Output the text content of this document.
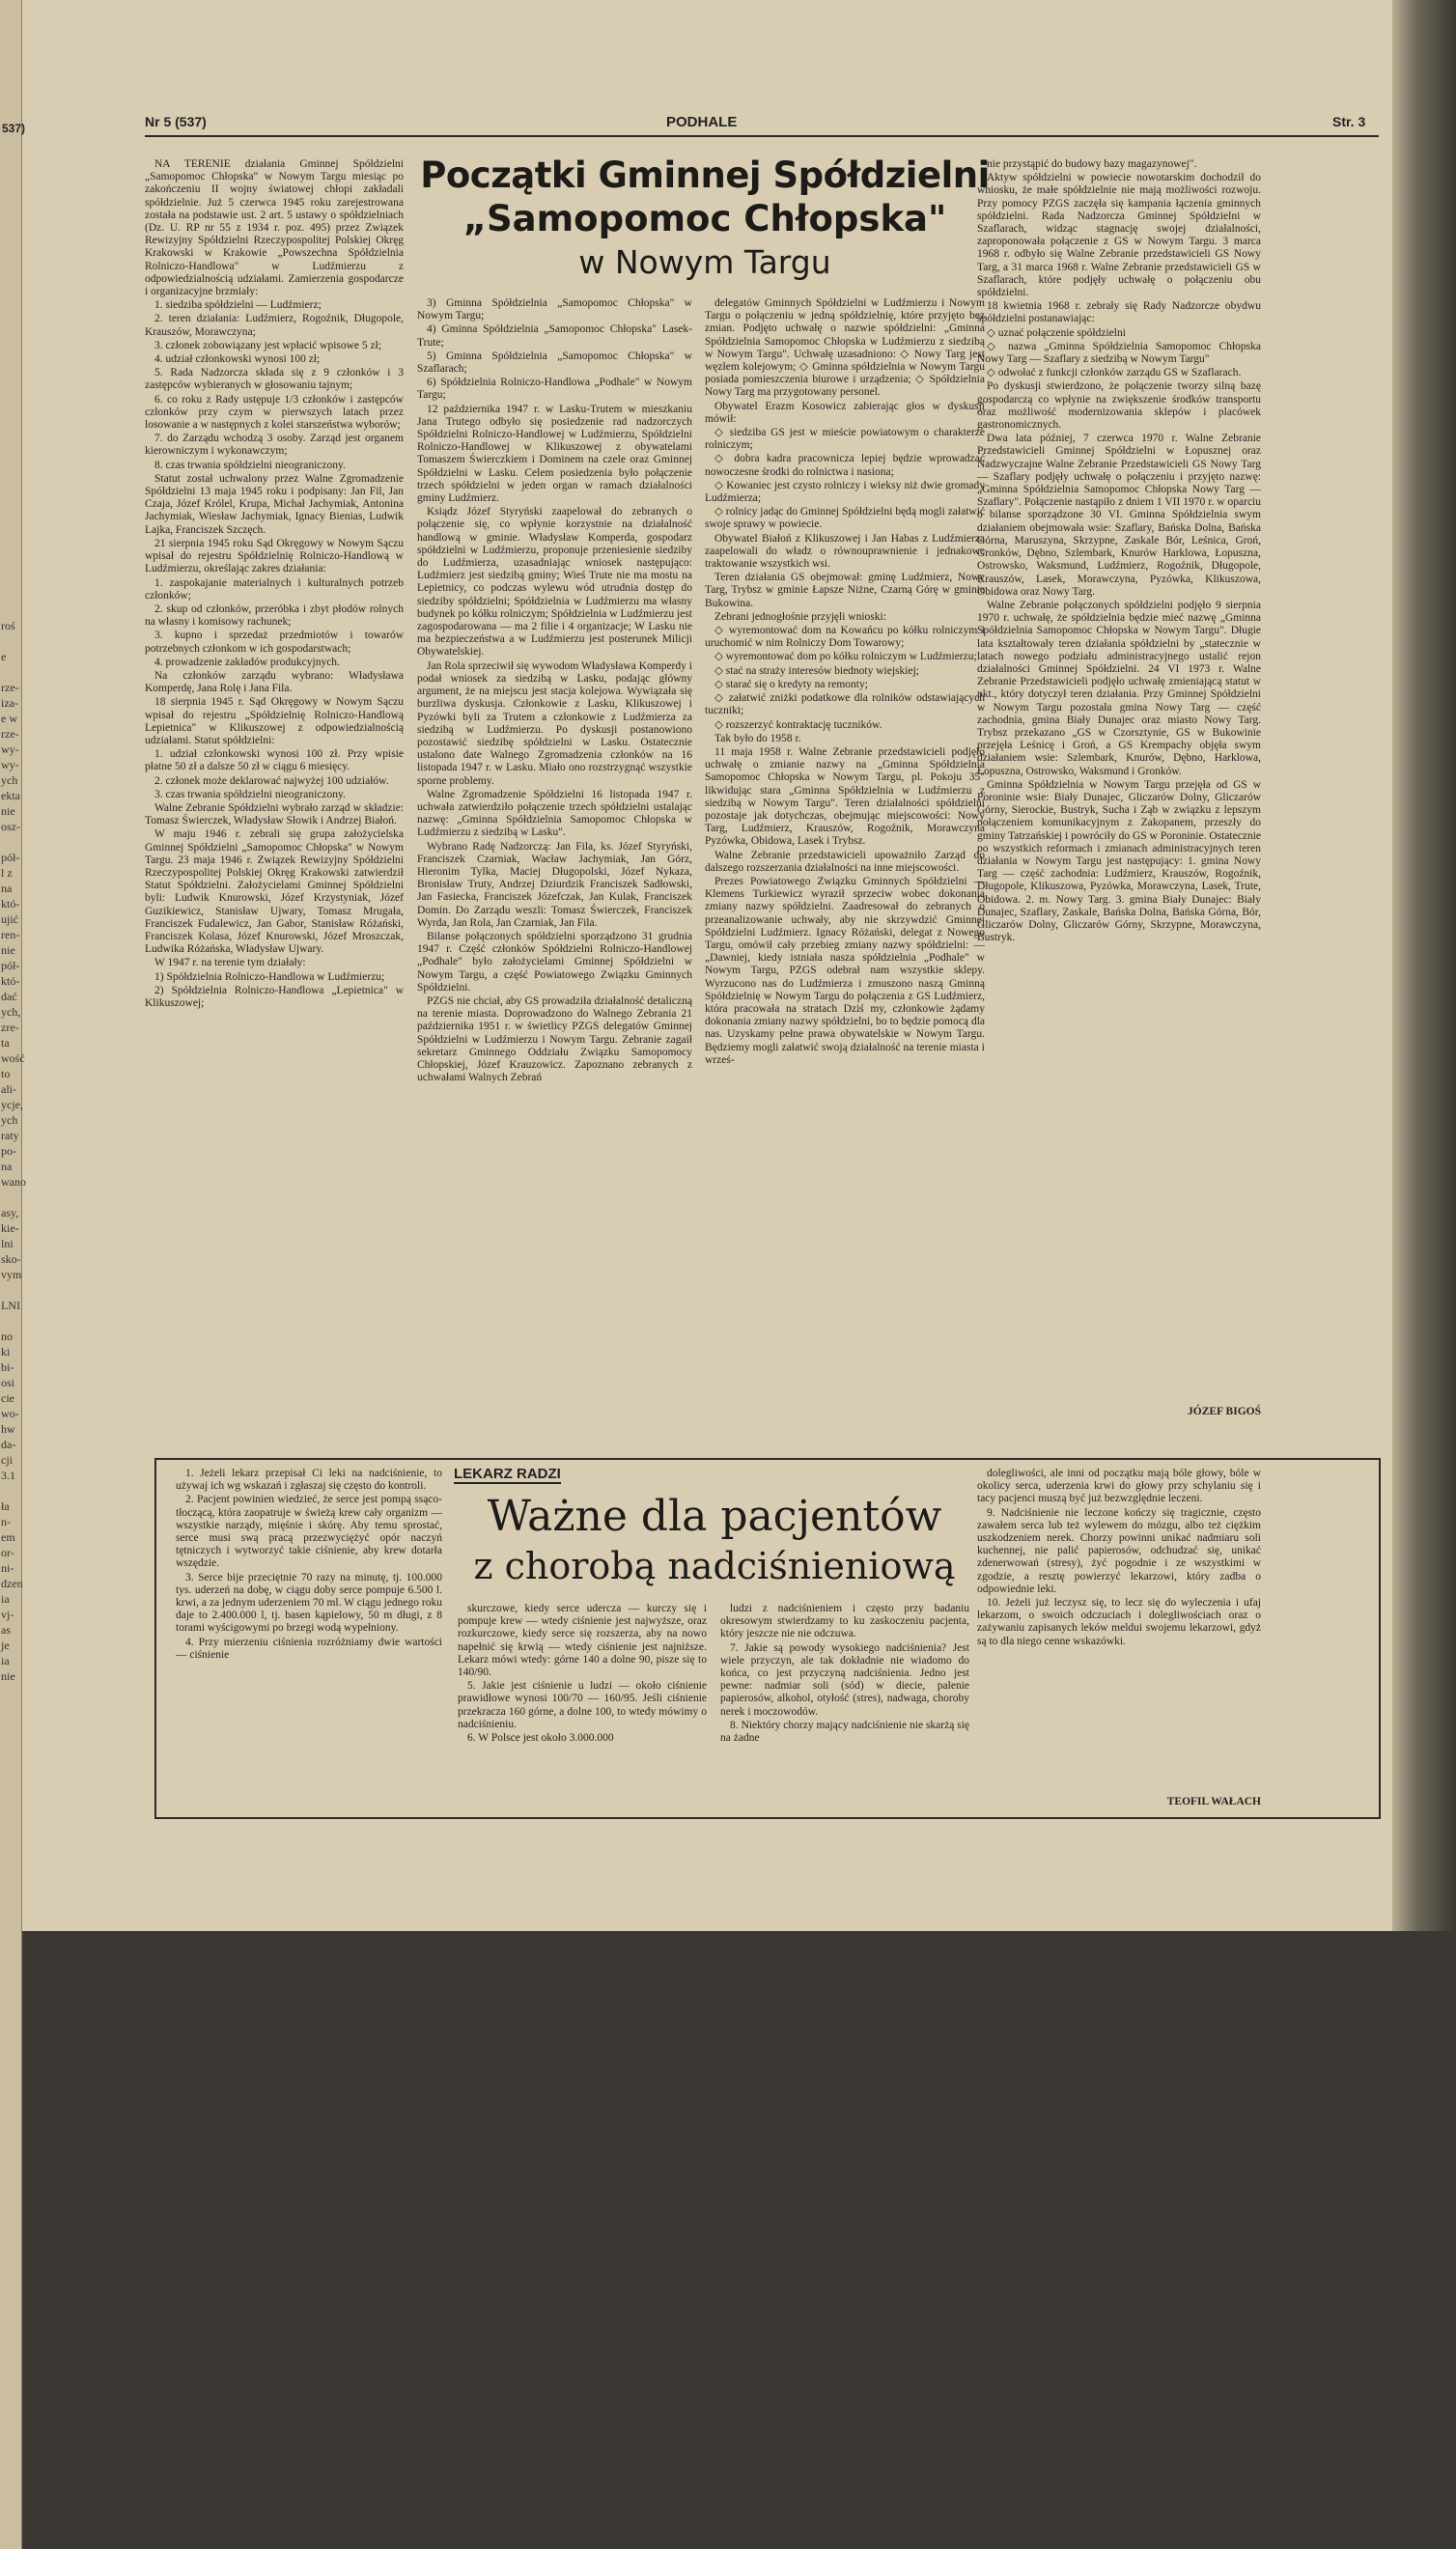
roś

e

rze-
iza-
e w
rze-
wy-
wy-
ych
ekta
nie
osz-

pół-
l z
na
któ-
ujić
ren-
nie
pół-
któ-
dać
ych,
zre-
ta
wość
to
ali-
ycje,
ych
raty
po-
na
wano

asy,
kie-
lni
sko-
vym

LNI

no
ki
bi-
osi
cie
wo-
hw
da-
cji
3.1

ła
n-
em
or-
ni-
dzen
ia
vj-
as
je
ia
nie
537)	Nr 5 (537)	PODHALE	Str. 3
Początki Gminnej Spółdzielni
„Samopomoc Chłopska"
w Nowym Targu

NA TERENIE działania Gminnej Spółdzielni „Samopomoc Chłopska" w Nowym Targu miesiąc po zakończeniu II wojny światowej chłopi zakładali spółdzielnie. Już 5 czerwca 1945 roku zarejestrowana została na podstawie ust. 2 art. 5 ustawy o spółdzielniach (Dz. U. RP nr 55 z 1934 r. poz. 495) przez Związek Rewizyjny Spółdzielni Rzeczypospolitej Polskiej Okręg Krakowski w Krakowie „Powszechna Spółdzielnia Rolniczo-Handlowa" w Ludźmierzu z odpowiedzialnością udziałami. Zamierzenia gospodarcze i organizacyjne brzmiały:

1. siedziba spółdzielni — Ludźmierz;

2. teren działania: Ludźmierz, Rogoźnik, Długopole, Krauszów, Morawczyna;

3. członek zobowiązany jest wpłacić wpisowe 5 zł;

4. udział członkowski wynosi 100 zł;

5. Rada Nadzorcza składa się z 9 członków i 3 zastępców wybieranych w głosowaniu tajnym;

6. co roku z Rady ustępuje 1/3 członków i zastępców członków przy czym w pierwszych latach przez losowanie a w następnych z kolei starszeństwa wyborów;

7. do Zarządu wchodzą 3 osoby. Zarząd jest organem kierowniczym i wykonawczym;

8. czas trwania spółdzielni nieograniczony.

Statut został uchwalony przez Walne Zgromadzenie Spółdzielni 13 maja 1945 roku i podpisany: Jan Fil, Jan Czaja, Józef Królel, Krupa, Michał Jachymiak, Antonina Jachymiak, Wiesław Jachymiak, Ignacy Bienias, Ludwik Lajka, Franciszek Szczęch.

21 sierpnia 1945 roku Sąd Okręgowy w Nowym Sączu wpisał do rejestru Spółdzielnię Rolniczo-Handlową w Ludźmierzu, określając zakres działania:

1. zaspokajanie materialnych i kulturalnych potrzeb członków;

2. skup od członków, przeróbka i zbyt płodów rolnych na własny i komisowy rachunek;

3. kupno i sprzedaż przedmiotów i towarów potrzebnych członkom w ich gospodarstwach;

4. prowadzenie zakładów produkcyjnych.

Na członków zarządu wybrano: Władysława Komperdę, Jana Rolę i Jana Fila.

18 sierpnia 1945 r. Sąd Okręgowy w Nowym Sączu wpisał do rejestru „Spółdzielnię Rolniczo-Handlową Lepietnica" w Klikuszowej z odpowiedzialnością udziałami. Statut spółdzielni:

1. udział członkowski wynosi 100 zł. Przy wpisie płatne 50 zł a dalsze 50 zł w ciągu 6 miesięcy.

2. członek może deklarować najwyżej 100 udziałów.

3. czas trwania spółdzielni nieograniczony.

Walne Zebranie Spółdzielni wybrało zarząd w składzie: Tomasz Świerczek, Władysław Słowik i Andrzej Białoń.

W maju 1946 r. zebrali się grupa założycielska Gminnej Spółdzielni „Samopomoc Chłopska" w Nowym Targu. 23 maja 1946 r. Związek Rewizyjny Spółdzielni Rzeczypospolitej Polskiej Okręg Krakowski zatwierdził Statut Spółdzielni. Założycielami Gminnej Spółdzielni byli: Ludwik Knurowski, Józef Krzystyniak, Józef Guzikiewicz, Stanisław Ujwary, Tomasz Mrugała, Franciszek Fudalewicz, Jan Gabor, Stanisław Różański, Franciszek Kolasa, Józef Knurowski, Józef Mroszczak, Ludwika Różańska, Władysław Ujwary.

W 1947 r. na terenie tym działały:

1) Spółdzielnia Rolniczo-Handlowa w Ludźmierzu;

2) Spółdzielnia Rolniczo-Handlowa „Lepietnica" w Klikuszowej;

3) Gminna Spółdzielnia „Samopomoc Chłopska" w Nowym Targu;

4) Gminna Spółdzielnia „Samopomoc Chłopska" Lasek-Trute;

5) Gminna Spółdzielnia „Samopomoc Chłopska" w Szaflarach;

6) Spółdzielnia Rolniczo-Handlowa „Podhale" w Nowym Targu;

12 października 1947 r. w Lasku-Trutem w mieszkaniu Jana Trutego odbyło się posiedzenie rad nadzorczych Spółdzielni Rolniczo-Handlowej w Ludźmierzu, Spółdzielni Rolniczo-Handlowej w Klikuszowej z obywatelami Tomaszem Świerczkiem i Dominem na czele oraz Gminnej Spółdzielni w Lasku. Celem posiedzenia było połączenie trzech spółdzielni w jeden organ w ramach działalności gminy Ludźmierz.

Ksiądz Józef Styryński zaapelował do zebranych o połączenie się, co wpłynie korzystnie na działalność handlową w gminie. Władysław Komperda, gospodarz spółdzielni w Ludźmierzu, proponuje przeniesienie siedziby do Ludźmierza, uzasadniając wniosek następująco: Ludźmierz jest siedzibą gminy; Wieś Trute nie ma mostu na Lepietnicy, co podczas wylewu wód utrudnia dostęp do siedziby spółdzielni; Spółdzielnia w Ludźmierzu ma własny budynek po kółku rolniczym; Spółdzielnia w Ludźmierzu jest zagospodarowana — ma 2 filie i 4 organizacje; W Lasku nie ma bezpieczeństwa a w Ludźmierzu jest posterunek Milicji Obywatelskiej.

Jan Rola sprzeciwił się wywodom Władysława Komperdy i podał wniosek za siedzibą w Lasku, podając główny argument, że na miejscu jest stacja kolejowa. Wywiązała się burzliwa dyskusja. Członkowie z Lasku, Klikuszowej i Pyzówki byli za Trutem a członkowie z Ludźmierza za siedzibą w Ludźmierzu. Po dyskusji postanowiono pozostawić siedzibę spółdzielni w Lasku. Ostatecznie ustalono date Walnego Zgromadzenia członków na 16 listopada 1947 r. w Lasku. Miało ono rozstrzygnąć wszystkie sporne problemy.

Walne Zgromadzenie Spółdzielni 16 listopada 1947 r. uchwała zatwierdziło połączenie trzech spółdzielni ustalając nazwę: „Gminna Spółdzielnia Samopomoc Chłopska w Ludźmierzu z siedzibą w Lasku".

Wybrano Radę Nadzorczą: Jan Fila, ks. Józef Styryński, Franciszek Czarniak, Wacław Jachymiak, Jan Górz, Hieronim Tylka, Maciej Długopolski, Józef Nykaza, Bronisław Truty, Andrzej Dziurdzik Franciszek Sadłowski, Jan Fasiecka, Franciszek Józefczak, Jan Kulak, Franciszek Domin. Do Zarządu weszli: Tomasz Świerczek, Franciszek Wyrda, Jan Rola, Jan Czarniak, Jan Fila.

Bilanse połączonych spółdzielni sporządzono 31 grudnia 1947 r. Część członków Spółdzielni Rolniczo-Handlowej „Podhale" było założycielami Gminnej Spółdzielni w Nowym Targu, a część Powiatowego Związku Gminnych Spółdzielni.

PZGS nie chciał, aby GS prowadziła działalność detaliczną na terenie miasta. Doprowadzono do Walnego Zebrania 21 października 1951 r. w świetlicy PZGS delegatów Gminnej Spółdzielni w Ludźmierzu i Nowym Targu. Zebranie zagaił sekretarz Gminnego Oddziału Związku Samopomocy Chłopskiej, Józef Krauzowicz. Zapoznano zebranych z uchwałami Walnych Zebrań

delegatów Gminnych Spółdzielni w Ludźmierzu i Nowym Targu o połączeniu w jedną spółdzielnię, które przyjęto bez zmian. Podjęto uchwałę o nazwie spółdzielni: „Gminna Spółdzielnia Samopomoc Chłopska w Ludźmierzu z siedzibą w Nowym Targu". Uchwałę uzasadniono: ◇ Nowy Targ jest węzłem kolejowym; ◇ Gminna spółdzielnia w Nowym Targu posiada pomieszczenia biurowe i urządzenia; ◇ Spółdzielnia Nowy Targ ma przygotowany personel.

Obywatel Erazm Kosowicz zabierając głos w dyskusji mówił:

◇ siedziba GS jest w mieście powiatowym o charakterze rolniczym;

◇ dobra kadra pracownicza lepiej będzie wprowadzać nowoczesne środki do rolnictwa i nasiona;

◇ Kowaniec jest czysto rolniczy i wieksy niż dwie gromady Ludźmierza;

◇ rolnicy jadąc do Gminnej Spółdzielni będą mogli załatwić swoje sprawy w powiecie.

Obywatel Białoń z Klikuszowej i Jan Habas z Ludźmierza zaapelowali do władz o równouprawnienie i jednakowe traktowanie wszystkich wsi.

Teren działania GS obejmował: gminę Ludźmierz, Nowy Targ, Trybsz w gminie Łapsze Niżne, Czarną Górę w gminie Bukowina.

Zebrani jednogłośnie przyjęli wnioski:

◇ wyremontować dom na Kowańcu po kółku rolniczym i uruchomić w nim Rolniczy Dom Towarowy;

◇ wyremontować dom po kółku rolniczym w Ludźmierzu;

◇ stać na straży interesów biednoty wiejskiej;

◇ starać się o kredyty na remonty;

◇ załatwić zniżki podatkowe dla rolników odstawiających tuczniki;

◇ rozszerzyć kontraktację tuczników.

Tak było do 1958 r.

11 maja 1958 r. Walne Zebranie przedstawicieli podjęło uchwałę o zmianie nazwy na „Gminna Spółdzielnia Samopomoc Chłopska w Nowym Targu, pl. Pokoju 35" likwidując stara „Gminna Spółdzielnia w Ludźmierzu z siedzibą w Nowym Targu". Teren działalności spółdzielni pozostaje jak dotychczas, obejmując miejscowości: Nowy Targ, Ludźmierz, Krauszów, Rogoźnik, Morawczyna Pyzówka, Obidowa, Lasek i Trybsz.

Walne Zebranie przedstawicieli upoważniło Zarząd do dalszego rozszerzania działalności na inne miejscowości.

Prezes Powiatowego Związku Gminnych Spółdzielni — Klemens Turkiewicz wyraził sprzeciw wobec dokonania zmiany nazwy spółdzielni. Zaadresował do zebranych o przeanalizowanie uchwały, aby nie skrzywdzić Gminnej Spółdzielni Ludźmierz. Ignacy Różański, delegat z Nowego Targu, omówił cały przebieg zmiany nazwy spółdzielni: — „Dawniej, kiedy istniała nasza spółdzielnia „Podhale" w Nowym Targu, PZGS odebrał nam wszystkie sklepy. Wyrzucono nas do Ludźmierza i zmuszono naszą Gminną Spółdzielnię w Nowym Targu do połączenia z GS Ludźmierz, która pracowała na stratach Dziś my, członkowie żądamy dokonania zmiany nazwy spółdzielni, bo to będzie pomocą dla nas. Uzyskamy pełne prawa obywatelskie w Nowym Targu. Będziemy mogli załatwić swoją działalność na terenie miasta i wrześ-

nie przystąpić do budowy bazy magazynowej".

Aktyw spółdzielni w powiecie nowotarskim dochodził do wniosku, że małe spółdzielnie nie mają możliwości rozwoju. Przy pomocy PZGS zaczęła się kampania łączenia gminnych spółdzielni. Rada Nadzorcza Gminnej Spółdzielni w Szaflarach, widząc stagnację swojej działalności, zaproponowała połączenie z GS w Nowym Targu. 3 marca 1968 r. odbyło się Walne Zebranie przedstawicieli GS Nowy Targ, a 31 marca 1968 r. Walne Zebranie przedstawicieli GS w Szaflarach, które podjęły uchwałę o połączeniu obu spółdzielni.

18 kwietnia 1968 r. zebrały się Rady Nadzorcze obydwu spółdzielni postanawiając:

◇ uznać połączenie spółdzielni

◇ nazwa „Gminna Spółdzielnia Samopomoc Chłopska Nowy Targ — Szaflary z siedzibą w Nowym Targu"

◇ odwołać z funkcji członków zarządu GS w Szaflarach.

Po dyskusji stwierdzono, że połączenie tworzy silną bazę gospodarczą co wpłynie na zwiększenie środków transportu oraz możliwość modernizowania sklepów i placówek gastronomicznych.

Dwa lata później, 7 czerwca 1970 r. Walne Zebranie Przedstawicieli Gminnej Spółdzielni w Łopusznej oraz Nadzwyczajne Walne Zebranie Przedstawicieli GS Nowy Targ — Szaflary podjęły uchwałę o połączeniu i przyjęto nazwę: „Gminna Spółdzielnia Samopomoc Chłopska Nowy Targ — Szaflary". Połączenie nastąpiło z dniem 1 VII 1970 r. w oparciu o bilanse sporządzone 30 VI. Gminna Spółdzielnia swym działaniem obejmowała wsie: Szaflary, Bańska Dolna, Bańska Górna, Maruszyna, Skrzypne, Zaskale Bór, Leśnica, Groń, Gronków, Dębno, Szlembark, Knurów Harklowa, Łopuszna, Ostrowsko, Waksmund, Ludźmierz, Rogoźnik, Długopole, Krauszów, Lasek, Morawczyna, Pyzówka, Klikuszowa, Obidowa oraz Nowy Targ.

Walne Zebranie połączonych spółdzielni podjęło 9 sierpnia 1970 r. uchwałę, że spółdzielnia będzie mieć nazwę „Gminna Spółdzielnia Samopomoc Chłopska w Nowym Targu". Długie lata kształtowały teren działania spółdzielni by „statecznie w latach nowego podziału administracyjnego ustalić rejon działalności Gminnej Spółdzielni. 24 VI 1973 r. Walne Zebranie Przedstawicieli podjęło uchwałę zmieniającą statut w pkt., który dotyczył teren działania. Przy Gminnej Spółdzielni w Nowym Targu pozostała gmina Nowy Targ — część zachodnia, gmina Biały Dunajec oraz miasto Nowy Targ. Trybsz przekazano „GS w Czorsztynie, GS w Bukowinie przejęła Leśnicę i Groń, a GS Krempachy objęła swym działaniem wsie: Szlembark, Knurów, Dębno, Harklowa, Łopuszna, Ostrowsko, Waksmund i Gronków.

Gminna Spółdzielnia w Nowym Targu przejęła od GS w Poroninie wsie: Biały Dunajec, Gliczarów Dolny, Gliczarów Górny, Sierockie, Bustryk, Sucha i Ząb w związku z lepszym połączeniem komunikacyjnym z Zakopanem, przeszły do gminy Tatrzańskiej i powróciły do GS w Poroninie. Ostatecznie po wszystkich reformach i zmianach administracyjnych teren działania w Nowym Targu jest następujący: 1. gmina Nowy Targ — część zachodnia: Ludźmierz, Krauszów, Rogoźnik, Długopole, Klikuszowa, Pyzówka, Morawczyna, Lasek, Trute, Obidowa. 2. m. Nowy Targ. 3. gmina Biały Dunajec: Biały Dunajec, Szaflary, Zaskale, Bańska Dolna, Bańska Górna, Bór, Gliczarów Dolny, Gliczarów Górny, Skrzypne, Morawczyna, Bustryk.

JÓZEF BIGOŚ

LEKARZ RADZI
Ważne dla pacjentów
z chorobą nadciśnieniową

1. Jeżeli lekarz przepisał Ci leki na nadciśnienie, to używaj ich wg wskazań i zgłaszaj się często do kontroli.

2. Pacjent powinien wiedzieć, że serce jest pompą ssąco-tłoczącą, która zaopatruje w świeżą krew cały organizm — wszystkie narządy, mięśnie i skórę. Aby temu sprostać, serce musi swą pracą przezwyciężyć opór naczyń tętniczych i wytworzyć takie ciśnienie, aby krew dotarła wszędzie.

3. Serce bije przeciętnie 70 razy na minutę, tj. 100.000 tys. uderzeń na dobę, w ciągu doby serce pompuje 6.500 l. krwi, a za jednym uderzeniem 70 ml. W ciągu jednego roku daje to 2.400.000 l, tj. basen kąpielowy, 50 m długi, z 8 torami wyścigowymi po brzegi wodą wypełniony.

4. Przy mierzeniu ciśnienia rozróżniamy dwie wartości — ciśnienie

skurczowe, kiedy serce udercza — kurczy się i pompuje krew — wtedy ciśnienie jest najwyższe, oraz rozkurczowe, kiedy serce się rozszerza, aby na nowo napełnić się krwią — wtedy ciśnienie jest najniższe. Lekarz mówi wtedy: górne 140 a dolne 90, pisze się to 140/90.

5. Jakie jest ciśnienie u ludzi — około ciśnienie prawidłowe wynosi 100/70 — 160/95. Jeśli ciśnienie przekracza 160 górne, a dolne 100, to wtedy mówimy o nadciśnieniu.

6. W Polsce jest około 3.000.000

ludzi z nadciśnieniem i często przy badaniu okresowym stwierdzamy to ku zaskoczeniu pacjenta, który jeszcze nie nie odczuwa.

7. Jakie są powody wysokiego nadciśnienia? Jest wiele przyczyn, ale tak dokładnie nie wiadomo do końca, co jest przyczyną nadciśnienia. Jedno jest pewne: nadmiar soli (sód) w diecie, palenie papierosów, alkohol, otyłość (stres), nadwaga, choroby nerek i moczowodów.

8. Niektóry chorzy mający nadciśnienie nie skarżą się na żadne

dolegliwości, ale inni od początku mają bóle głowy, bóle w okolicy serca, uderzenia krwi do głowy przy schylaniu się i tacy pacjenci muszą być już bezwzględnie leczeni.

9. Nadciśnienie nie leczone kończy się tragicznie, często zawałem serca lub też wylewem do mózgu, albo też ciężkim uszkodzeniem nerek. Chorzy powinni unikać nadmiaru soli kuchennej, nie palić papierosów, odchudzać się, unikać zdenerwowań (stresy), żyć pogodnie i ze wszystkimi w zgodzie, a resztę powierzyć lekarzowi, który zadba o odpowiednie leki.

10. Jeżeli już leczysz się, to lecz się do wyleczenia i ufaj lekarzom, o swoich odczuciach i dolegliwościach oraz o zażywaniu zapisanych leków meldui swojemu lekarzowi, gdyż są to dla niego cenne wskazówki.

TEOFIL WAŁACH
